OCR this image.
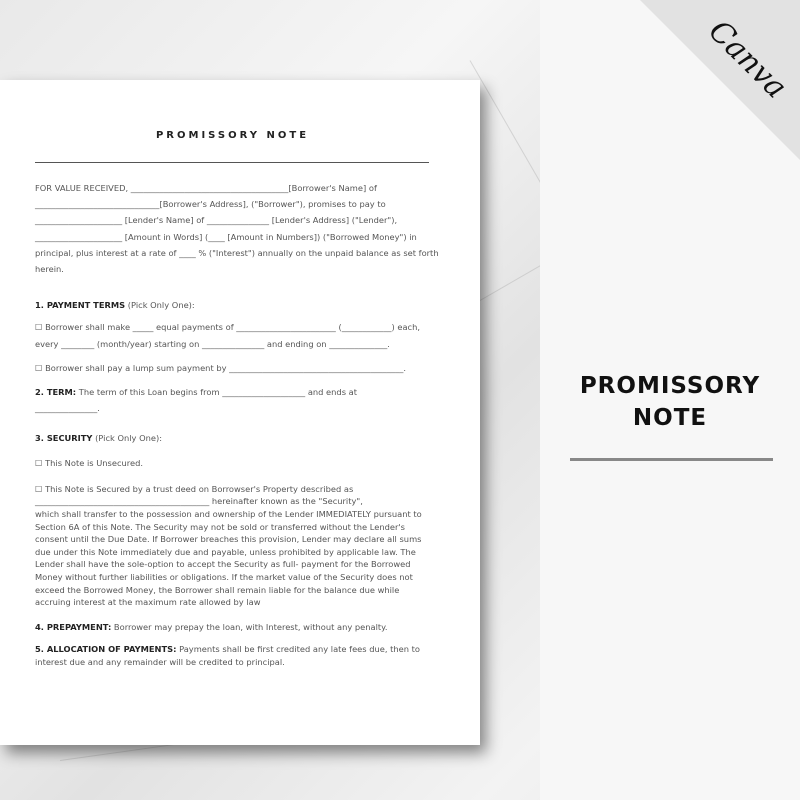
Canva
PROMISSORY NOTE

FOR VALUE RECEIVED, ______________________________________[Borrower's Name] of
______________________________[Borrower's Address], ("Borrower"), promises to pay to
_____________________ [Lender's Name] of _______________ [Lender's Address] ("Lender"),
_____________________ [Amount in Words] (____ [Amount in Numbers]) ("Borrowed Money") in
principal, plus interest at a rate of ____ % ("Interest") annually on the unpaid balance as set forth
herein.

1. PAYMENT TERMS (Pick Only One):

☐ Borrower shall make _____ equal payments of ________________________ (____________) each,
every ________ (month/year) starting on _______________ and ending on ______________.

☐ Borrower shall pay a lump sum payment by __________________________________________.

2. TERM: The term of this Loan begins from ____________________ and ends at
_______________.

3. SECURITY (Pick Only One):

☐ This Note is Unsecured.

☐ This Note is Secured by a trust deed on Borrowser's Property described as
__________________________________________ hereinafter known as the "Security",
which shall transfer to the possession and ownership of the Lender IMMEDIATELY pursuant to
Section 6A of this Note. The Security may not be sold or transferred without the Lender's
consent until the Due Date. If Borrower breaches this provision, Lender may declare all sums
due under this Note immediately due and payable, unless prohibited by applicable law. The
Lender shall have the sole-option to accept the Security as full- payment for the Borrowed
Money without further liabilities or obligations. If the market value of the Security does not
exceed the Borrowed Money, the Borrower shall remain liable for the balance due while
accruing interest at the maximum rate allowed by law

4. PREPAYMENT: Borrower may prepay the loan, with Interest, without any penalty.

5. ALLOCATION OF PAYMENTS: Payments shall be first credited any late fees due, then to
interest due and any remainder will be credited to principal.

PROMISSORY
NOTE
